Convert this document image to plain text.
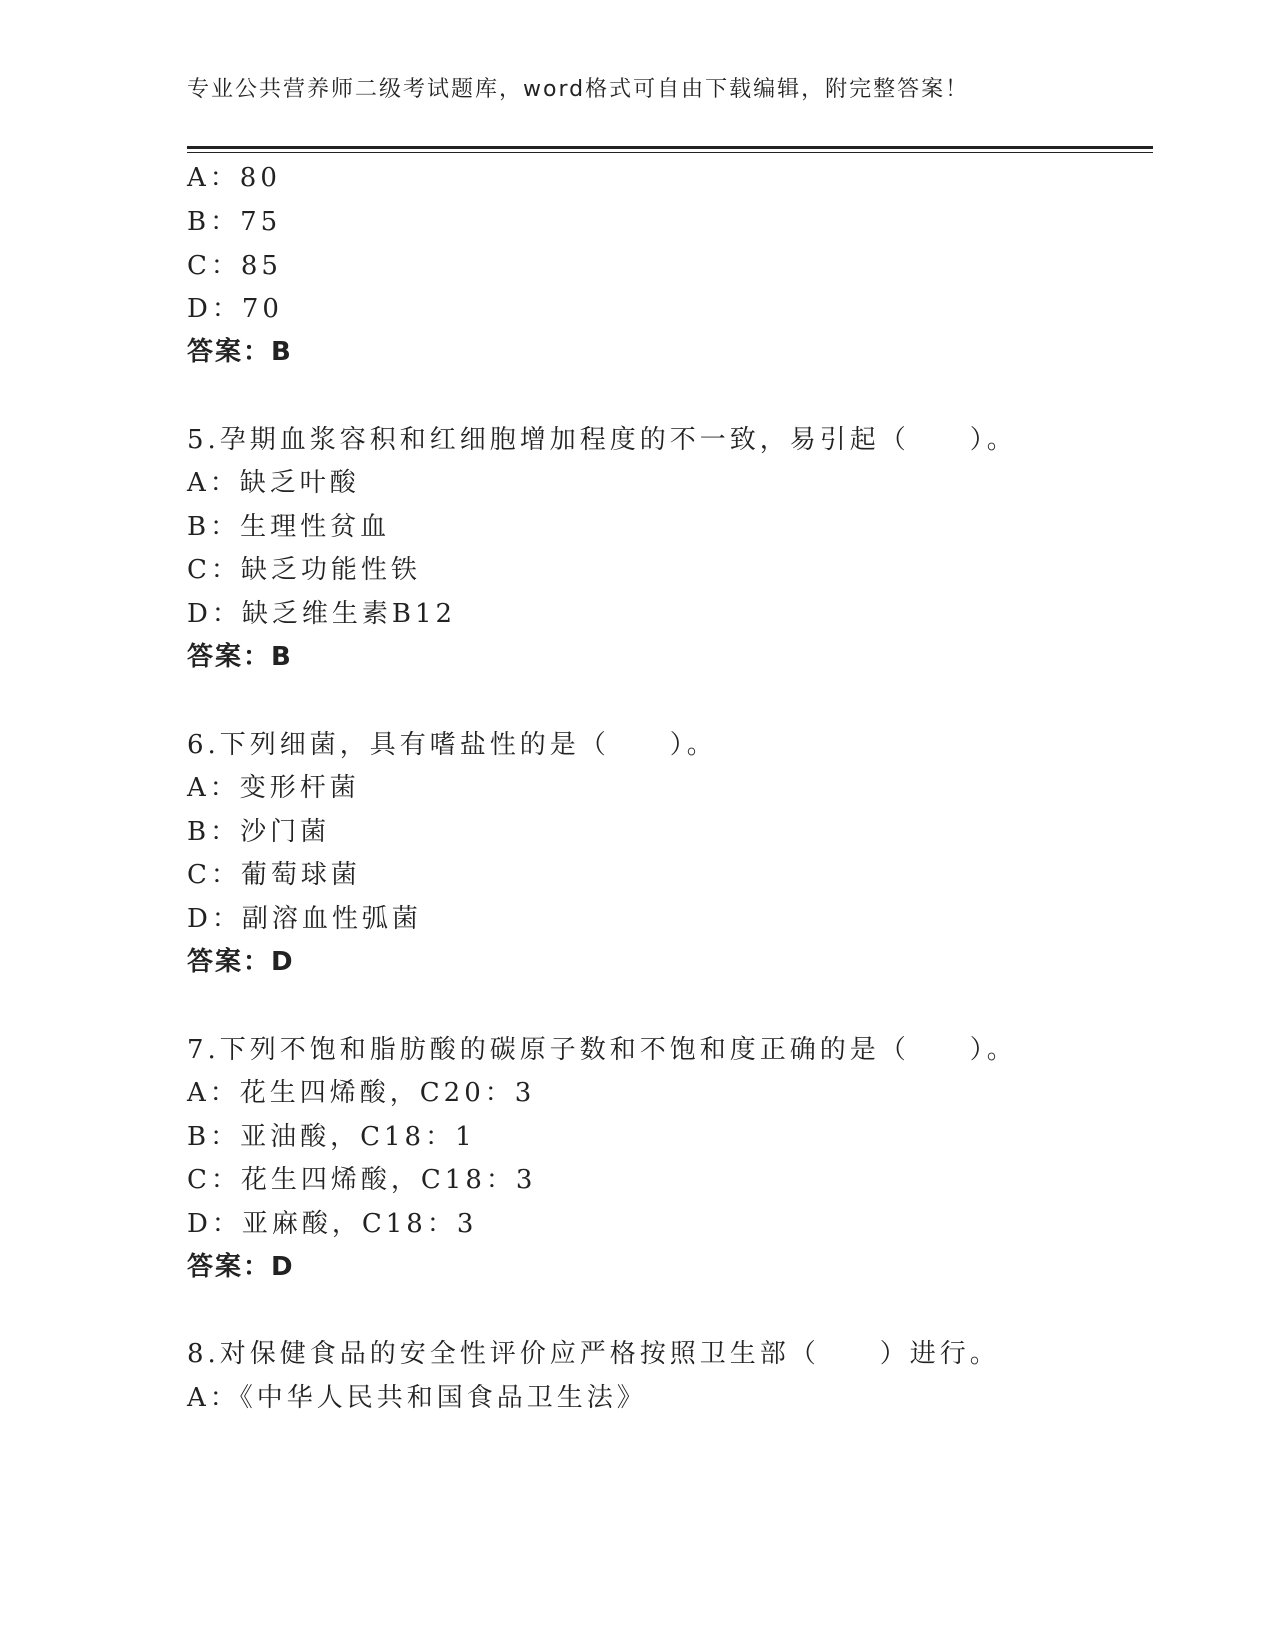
专业公共营养师二级考试题库，word格式可自由下载编辑，附完整答案！
A：80
B：75
C：85
D：70
答案：B
5.孕期血浆容积和红细胞增加程度的不一致，易引起（　　）。
A：缺乏叶酸
B：生理性贫血
C：缺乏功能性铁
D：缺乏维生素B12
答案：B
6.下列细菌，具有嗜盐性的是（　　）。
A：变形杆菌
B：沙门菌
C：葡萄球菌
D：副溶血性弧菌
答案：D
7.下列不饱和脂肪酸的碳原子数和不饱和度正确的是（　　）。
A：花生四烯酸，C20：3
B：亚油酸，C18：1
C：花生四烯酸，C18：3
D：亚麻酸，C18：3
答案：D
8.对保健食品的安全性评价应严格按照卫生部（　　）进行。
A：《中华人民共和国食品卫生法》
